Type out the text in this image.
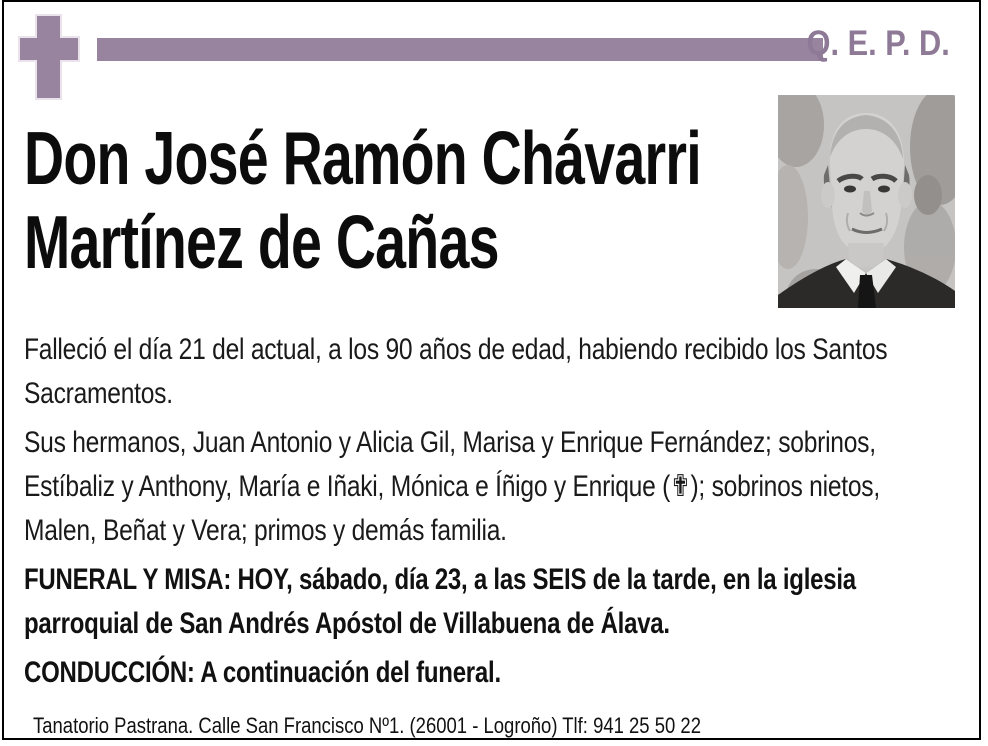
Q. E. P. D.
Don José Ramón Chávarri
Martínez de Cañas

Falleció el día 21 del actual, a los 90 años de edad, habiendo recibido los Santos
Sacramentos.

Sus hermanos, Juan Antonio y Alicia Gil, Marisa y Enrique Fernández; sobrinos,
Estíbaliz y Anthony, María e Iñaki, Mónica e Íñigo y Enrique (✟); sobrinos nietos,
Malen, Beñat y Vera; primos y demás familia.

FUNERAL Y MISA: HOY, sábado, día 23, a las SEIS de la tarde, en la iglesia
parroquial de San Andrés Apóstol de Villabuena de Álava.

CONDUCCIÓN: A continuación del funeral.

Tanatorio Pastrana. Calle San Francisco Nº1. (26001 - Logroño) Tlf: 941 25 50 22
